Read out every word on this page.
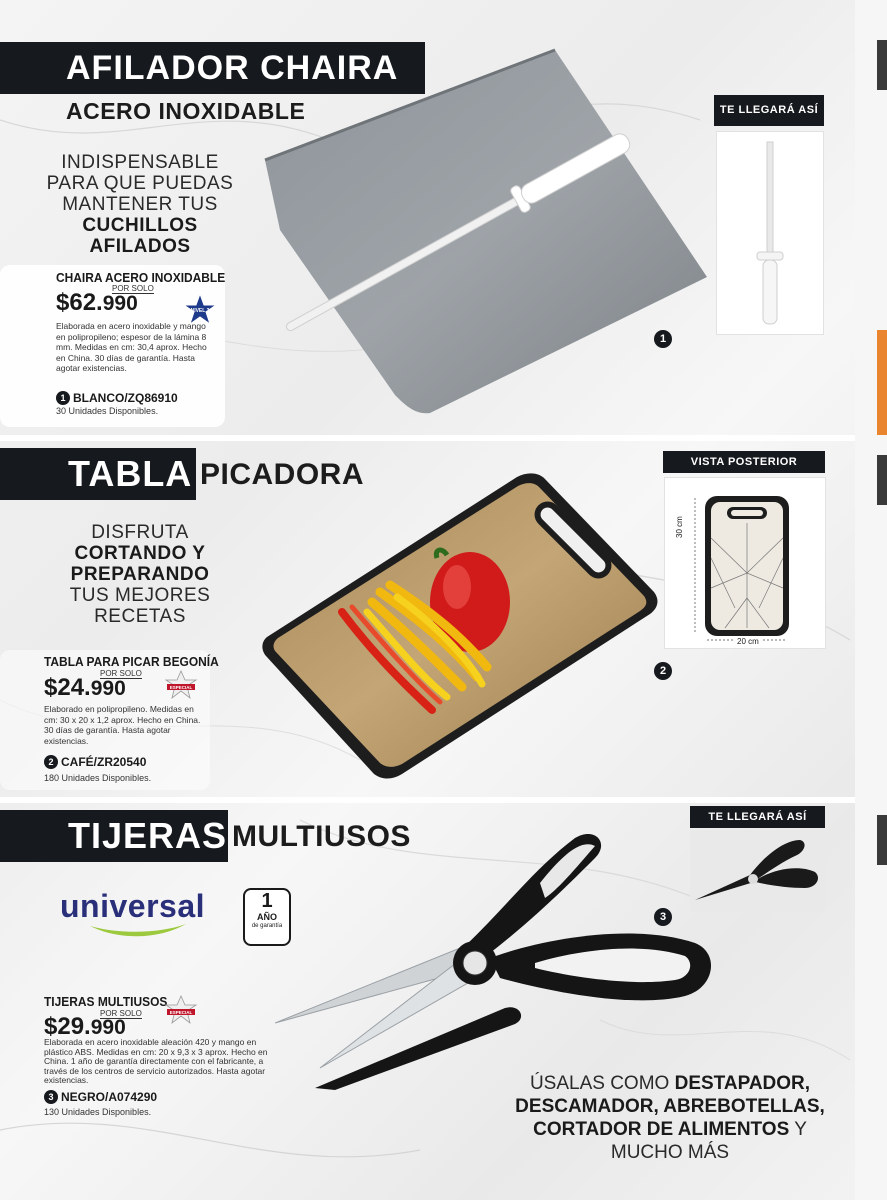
AFILADOR CHAIRA
ACERO INOXIDABLE
INDISPENSABLE
PARA QUE PUEDAS
MANTENER TUS
CUCHILLOS
AFILADOS
CHAIRA ACERO INOXIDABLE
POR SOLO
$62.990	NIVEL 3
Elaborada en acero inoxidable y mango en polipropileno; espesor de la lámina 8 mm. Medidas en cm: 30,4 aprox. Hecho en China. 30 días de garantía. Hasta agotar existencias.
1 BLANCO/ZQ86910
30 Unidades Disponibles.
TE LLEGARÁ ASÍ
1
TABLA PICADORA
DISFRUTA
CORTANDO Y
PREPARANDO
TUS MEJORES
RECETAS
TABLA PARA PICAR BEGONÍA
POR SOLO
$24.990	ESPECIAL
Elaborado en polipropileno. Medidas en cm: 30 x 20 x 1,2 aprox. Hecho en China. 30 días de garantía. Hasta agotar existencias.
2 CAFÉ/ZR20540
180 Unidades Disponibles.
VISTA POSTERIOR
30 cm
20 cm
2
TIJERAS MULTIUSOS
universal	1
AÑO
de garantía
TIJERAS MULTIUSOS
POR SOLO
$29.990
ESPECIAL
Elaborada en acero inoxidable aleación 420 y mango en plástico ABS. Medidas en cm: 20 x 9,3 x 3 aprox. Hecho en China. 1 año de garantía directamente con el fabricante, a través de los centros de servicio autorizados. Hasta agotar existencias.
3 NEGRO/A074290
130 Unidades Disponibles.
TE LLEGARÁ ASÍ
3
ÚSALAS COMO DESTAPADOR,
DESCAMADOR, ABREBOTELLAS,
CORTADOR DE ALIMENTOS Y
MUCHO MÁS
